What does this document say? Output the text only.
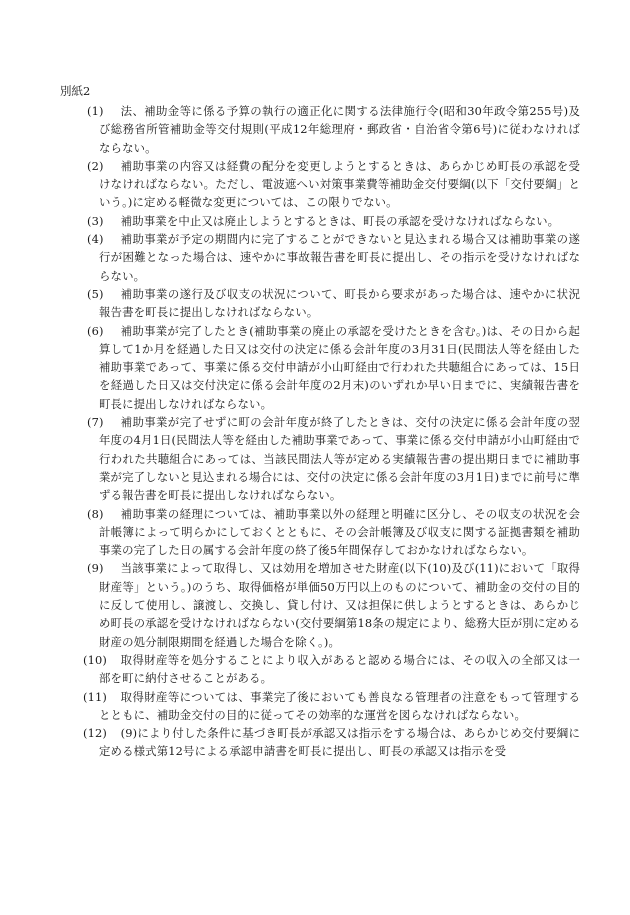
別紙2
(1)	法、補助金等に係る予算の執行の適正化に関する法律施行令(昭和30年政令第255号)及び総務省所管補助金等交付規則(平成12年総理府・郵政省・自治省令第6号)に従わなければならない。
(2)	補助事業の内容又は経費の配分を変更しようとするときは、あらかじめ町長の承認を受けなければならない。ただし、電波遮へい対策事業費等補助金交付要綱(以下「交付要綱」という。)に定める軽微な変更については、この限りでない。
(3)	補助事業を中止又は廃止しようとするときは、町長の承認を受けなければならない。
(4)	補助事業が予定の期間内に完了することができないと見込まれる場合又は補助事業の遂行が困難となった場合は、速やかに事故報告書を町長に提出し、その指示を受けなければならない。
(5)	補助事業の遂行及び収支の状況について、町長から要求があった場合は、速やかに状況報告書を町長に提出しなければならない。
(6)	補助事業が完了したとき(補助事業の廃止の承認を受けたときを含む。)は、その日から起算して1か月を経過した日又は交付の決定に係る会計年度の3月31日(民間法人等を経由した補助事業であって、事業に係る交付申請が小山町経由で行われた共聴組合にあっては、15日を経過した日又は交付決定に係る会計年度の2月末)のいずれか早い日までに、実績報告書を町長に提出しなければならない。
(7)	補助事業が完了せずに町の会計年度が終了したときは、交付の決定に係る会計年度の翌年度の4月1日(民間法人等を経由した補助事業であって、事業に係る交付申請が小山町経由で行われた共聴組合にあっては、当該民間法人等が定める実績報告書の提出期日までに補助事業が完了しないと見込まれる場合には、交付の決定に係る会計年度の3月1日)までに前号に準ずる報告書を町長に提出しなければならない。
(8)	補助事業の経理については、補助事業以外の経理と明確に区分し、その収支の状況を会計帳簿によって明らかにしておくとともに、その会計帳簿及び収支に関する証拠書類を補助事業の完了した日の属する会計年度の終了後5年間保存しておかなければならない。
(9)	当該事業によって取得し、又は効用を増加させた財産(以下(10)及び(11)において「取得財産等」という。)のうち、取得価格が単価50万円以上のものについて、補助金の交付の目的に反して使用し、譲渡し、交換し、貸し付け、又は担保に供しようとするときは、あらかじめ町長の承認を受けなければならない(交付要綱第18条の規定により、総務大臣が別に定める財産の処分制限期間を経過した場合を除く。)。
(10)	取得財産等を処分することにより収入があると認める場合には、その収入の全部又は一部を町に納付させることがある。
(11)	取得財産等については、事業完了後においても善良なる管理者の注意をもって管理するとともに、補助金交付の目的に従ってその効率的な運営を図らなければならない。
(12)	(9)により付した条件に基づき町長が承認又は指示をする場合は、あらかじめ交付要綱に定める様式第12号による承認申請書を町長に提出し、町長の承認又は指示を受
